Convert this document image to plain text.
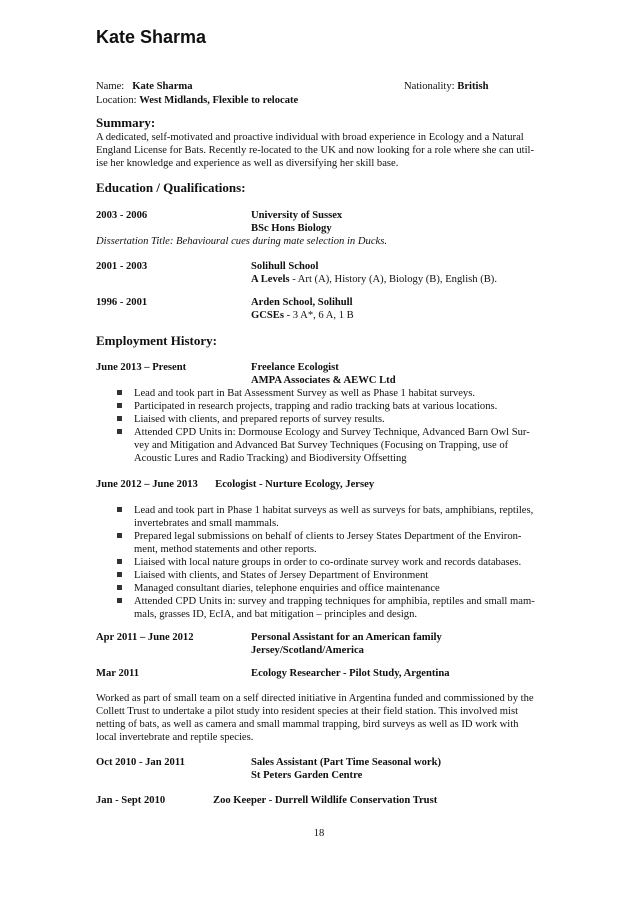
Kate Sharma
Name: Kate Sharma	Nationality: British
Location: West Midlands, Flexible to relocate
Summary:
A dedicated, self-motivated and proactive individual with broad experience in Ecology and a Natural
England License for Bats. Recently re-located to the UK and now looking for a role where she can util-
ise her knowledge and experience as well as diversifying her skill base.
Education / Qualifications:
2003 - 2006	University of Sussex
BSc Hons Biology
Dissertation Title: Behavioural cues during mate selection in Ducks.
2001 - 2003	Solihull School
A Levels - Art (A), History (A), Biology (B), English (B).
1996 - 2001	Arden School, Solihull
GCSEs - 3 A*, 6 A, 1 B
Employment History:
June 2013 – Present	Freelance Ecologist
AMPA Associates & AEWC Ltd
Lead and took part in Bat Assessment Survey as well as Phase 1 habitat surveys.
Participated in research projects, trapping and radio tracking bats at various locations.
Liaised with clients, and prepared reports of survey results.
Attended CPD Units in: Dormouse Ecology and Survey Technique, Advanced Barn Owl Sur-
vey and Mitigation and Advanced Bat Survey Techniques (Focusing on Trapping, use of
Acoustic Lures and Radio Tracking) and Biodiversity Offsetting
June 2012 – June 2013 Ecologist - Nurture Ecology, Jersey
Lead and took part in Phase 1 habitat surveys as well as surveys for bats, amphibians, reptiles,
invertebrates and small mammals.
Prepared legal submissions on behalf of clients to Jersey States Department of the Environ-
ment, method statements and other reports.
Liaised with local nature groups in order to co-ordinate survey work and records databases.
Liaised with clients, and States of Jersey Department of Environment
Managed consultant diaries, telephone enquiries and office maintenance
Attended CPD Units in: survey and trapping techniques for amphibia, reptiles and small mam-
mals, grasses ID, EcIA, and bat mitigation – principles and design.
Apr 2011 – June 2012	Personal Assistant for an American family
Jersey/Scotland/America
Mar 2011	Ecology Researcher - Pilot Study, Argentina
Worked as part of small team on a self directed initiative in Argentina funded and commissioned by the
Collett Trust to undertake a pilot study into resident species at their field station. This involved mist
netting of bats, as well as camera and small mammal trapping, bird surveys as well as ID work with
local invertebrate and reptile species.
Oct 2010 - Jan 2011	Sales Assistant (Part Time Seasonal work)
St Peters Garden Centre
Jan - Sept 2010	Zoo Keeper - Durrell Wildlife Conservation Trust
18
